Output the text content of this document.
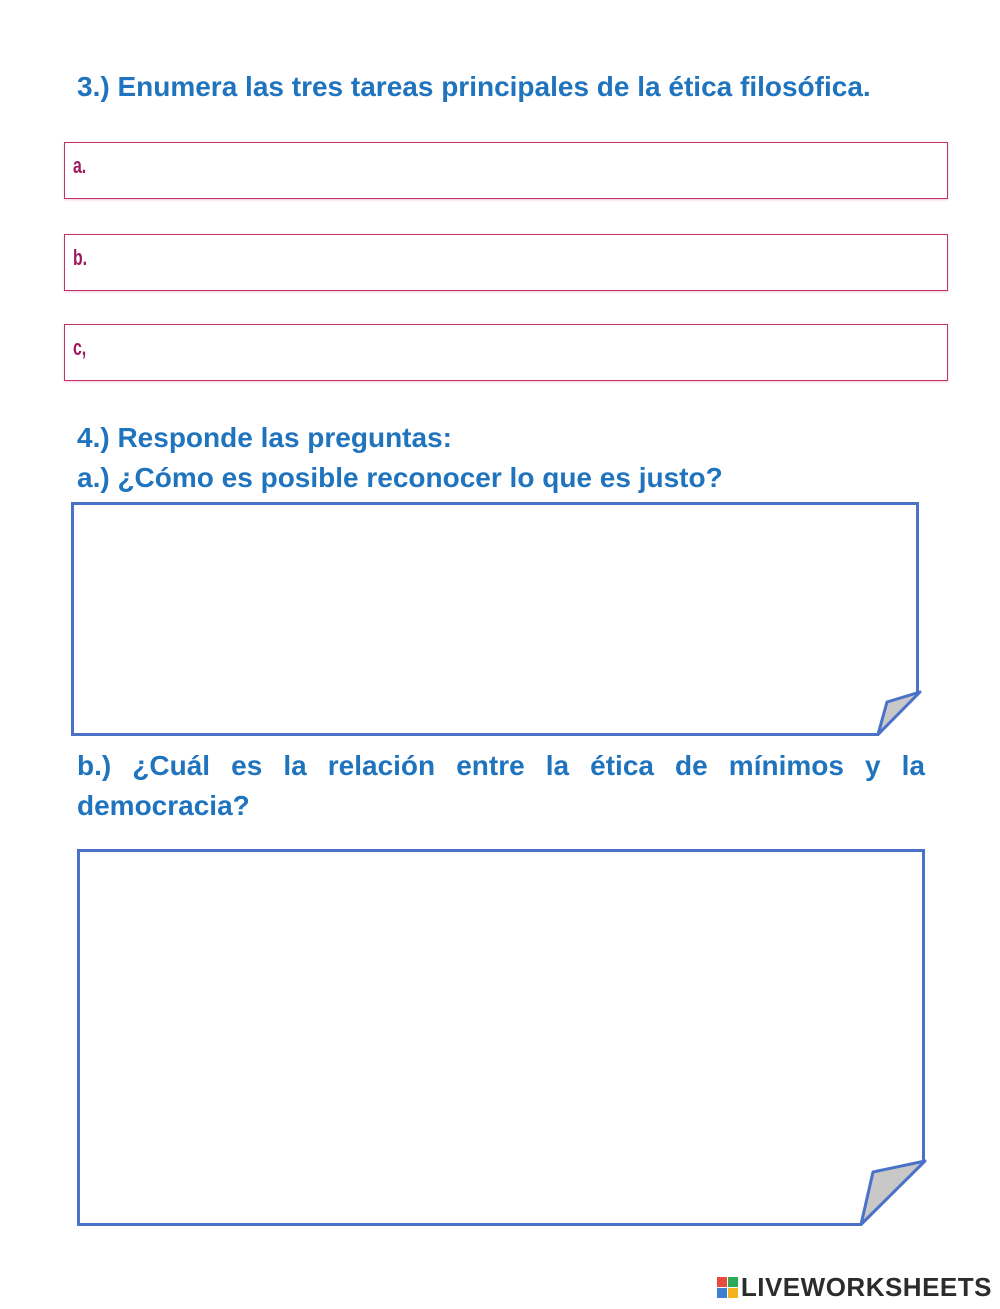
3.) Enumera las tres tareas principales de la ética filosófica.
a.
b.
c,
4.) Responde las preguntas:
a.) ¿Cómo es posible reconocer lo que es justo?
b.) ¿Cuál es la relación entre la ética de mínimos y la democracia?
LIVEWORKSHEETS
